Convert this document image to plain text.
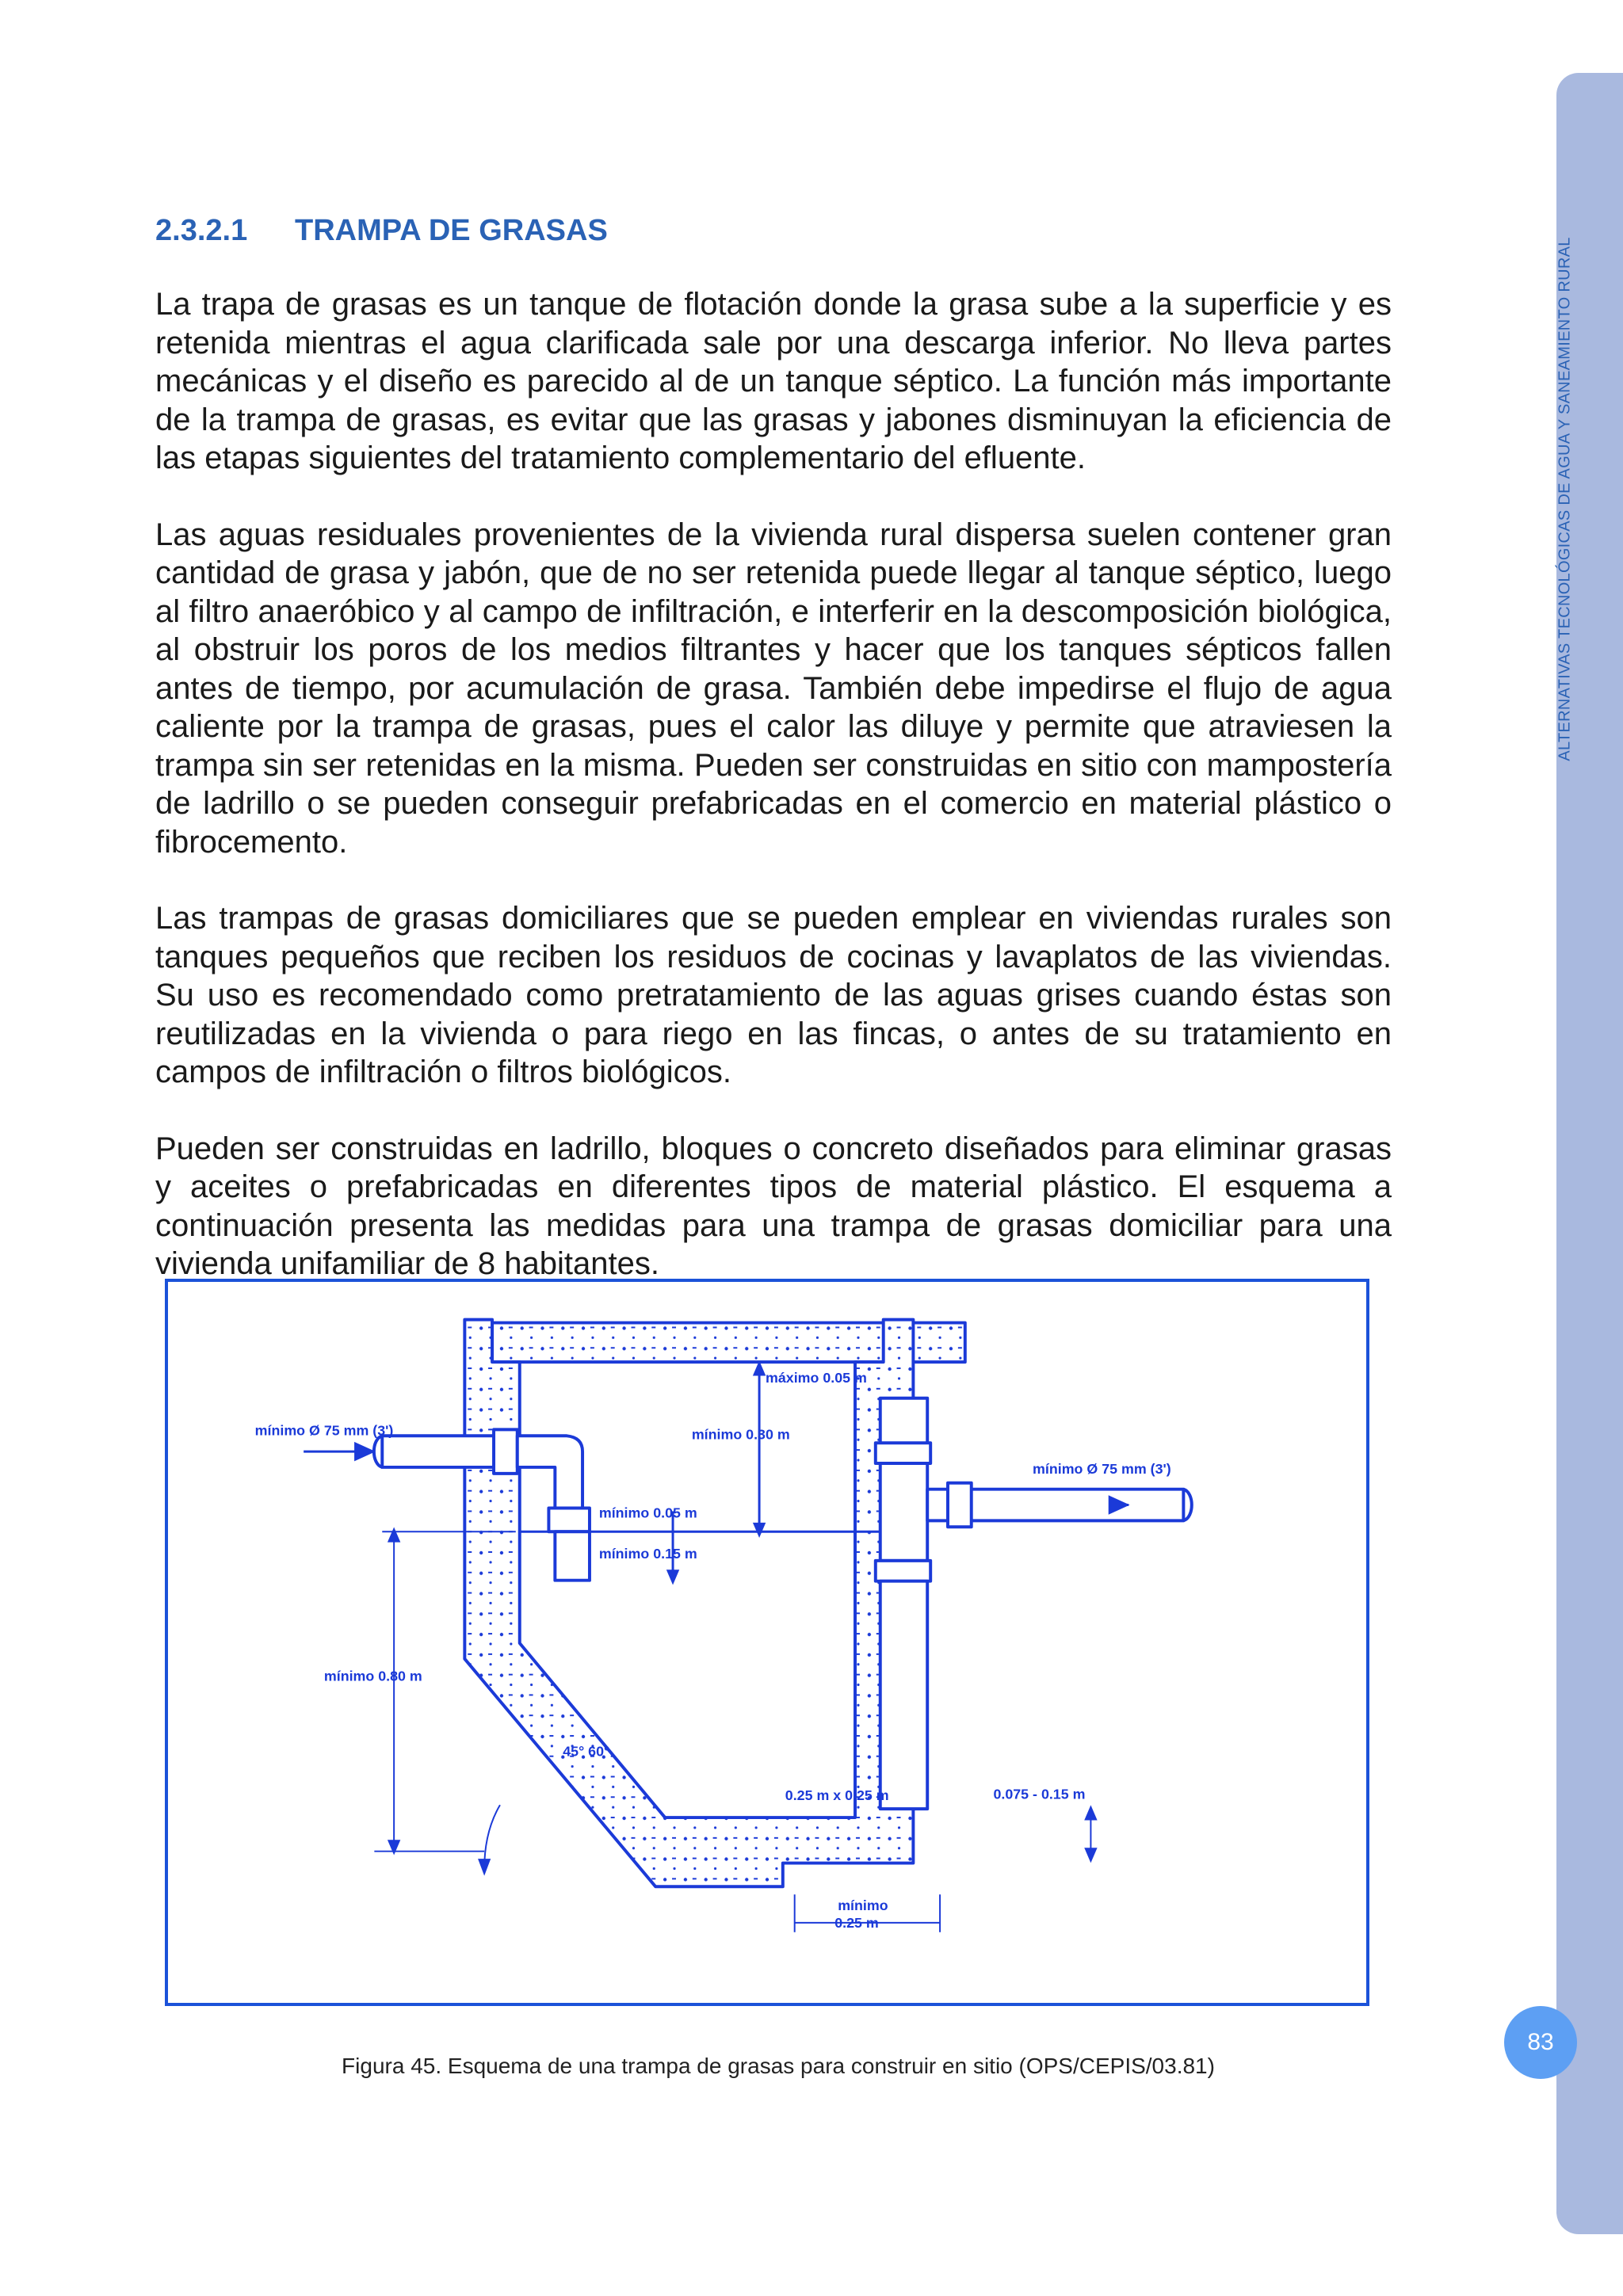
ALTERNATIVAS TECNOLÓGICAS DE AGUA Y SANEAMIENTO RURAL
2.3.2.1 TRAMPA DE GRASAS

La trapa de grasas es un tanque de flotación donde la grasa sube a la superficie y es retenida mientras el agua clarificada sale por una descarga inferior. No lleva partes mecánicas y el diseño es parecido al de un tanque séptico. La función más importante de la trampa de grasas, es evitar que las grasas y jabones disminuyan la eficiencia de las etapas siguientes del tratamiento complementario del efluente.

Las aguas residuales provenientes de la vivienda rural dispersa suelen contener gran cantidad de grasa y jabón, que de no ser retenida puede llegar al tanque séptico, luego al filtro anaeróbico y al campo de infiltración, e interferir en la descomposición biológica, al obstruir los poros de los medios filtrantes y hacer que los tanques sépticos fallen antes de tiempo, por acumulación de grasa. También debe impedirse el flujo de agua caliente por la trampa de grasas, pues el calor las diluye y permite que atraviesen la trampa sin ser retenidas en la misma. Pueden ser construidas en sitio con mampostería de ladrillo o se pueden conseguir prefabricadas en el comercio en material plástico o fibrocemento.

Las trampas de grasas domiciliares que se pueden emplear en viviendas rurales son tanques pequeños que reciben los residuos de cocinas y lavaplatos de las viviendas. Su uso es recomendado como pretratamiento de las aguas grises cuando éstas son reutilizadas en la vivienda o para riego en las fincas, o antes de su tratamiento en campos de infiltración o filtros biológicos.

Pueden ser construidas en ladrillo, bloques o concreto diseñados para eliminar grasas y aceites o prefabricadas en diferentes tipos de material plástico. El esquema a continuación presenta las medidas para una trampa de grasas domiciliar para una vivienda unifamiliar de 8 habitantes.

mínimo Ø 75 mm (3')
mínimo Ø 75 mm (3')
máximo 0.05 m
mínimo 0.30 m
mínimo 0.05 m
mínimo 0.15 m
mínimo 0.80 m
45° 60°
0.25 m x 0.25 m	0.075 - 0.15 m
mínimo
0.25 m
83
Figura 45. Esquema de una trampa de grasas para construir en sitio (OPS/CEPIS/03.81)
